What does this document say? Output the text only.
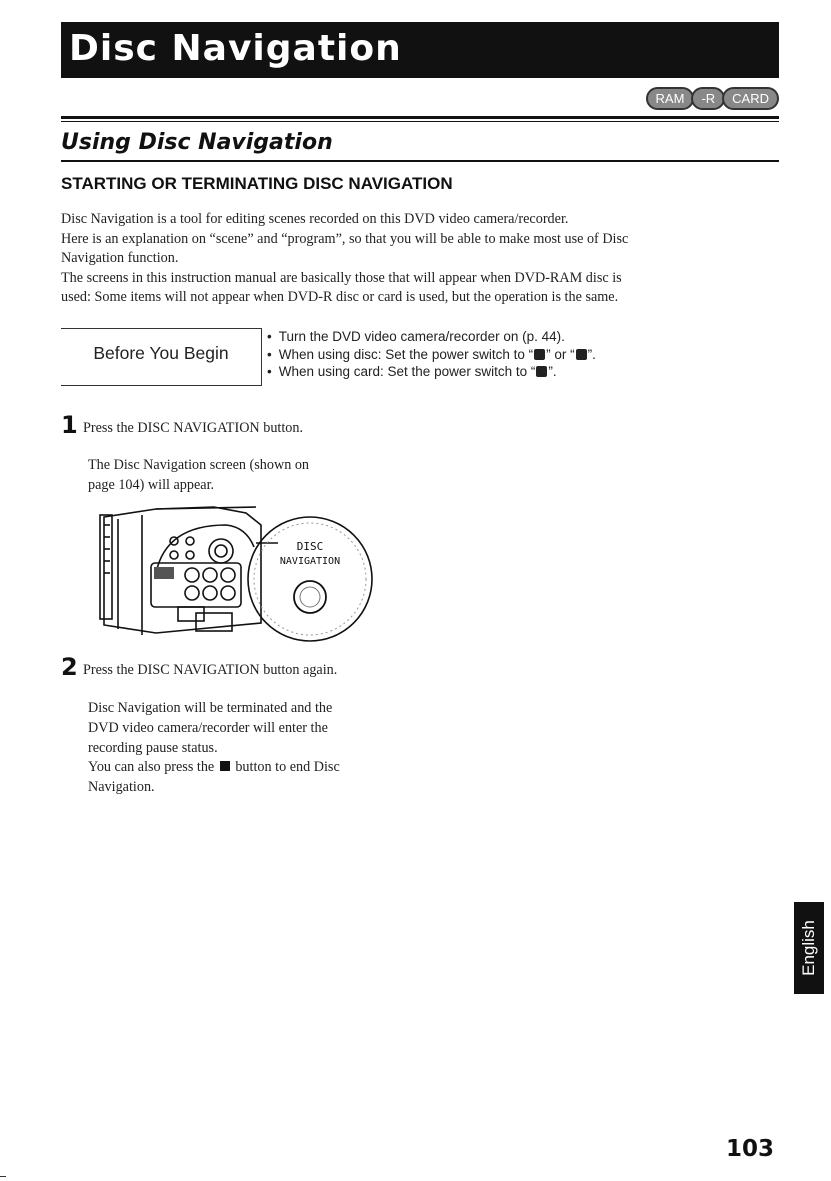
Disc Navigation
RAM	-R	CARD
Using Disc Navigation
STARTING OR TERMINATING DISC NAVIGATION

Disc Navigation is a tool for editing scenes recorded on this DVD video camera/recorder.

Here is an explanation on “scene” and “program”, so that you will be able to make most use of Disc

Navigation function.

The screens in this instruction manual are basically those that will appear when DVD-RAM disc is

used: Some items will not appear when DVD-R disc or card is used, but the operation is the same.

Before You Begin
• Turn the DVD video camera/recorder on (p. 44).
• When using disc: Set the power switch to “ ” or “ ”.
• When using card: Set the power switch to “ ”.
1 Press the DISC NAVIGATION button.

The Disc Navigation screen (shown on

page 104) will appear.

DISC
NAVIGATION
2 Press the DISC NAVIGATION button again.

Disc Navigation will be terminated and the

DVD video camera/recorder will enter the

recording pause status.

You can also press the button to end Disc

Navigation.

English
103
